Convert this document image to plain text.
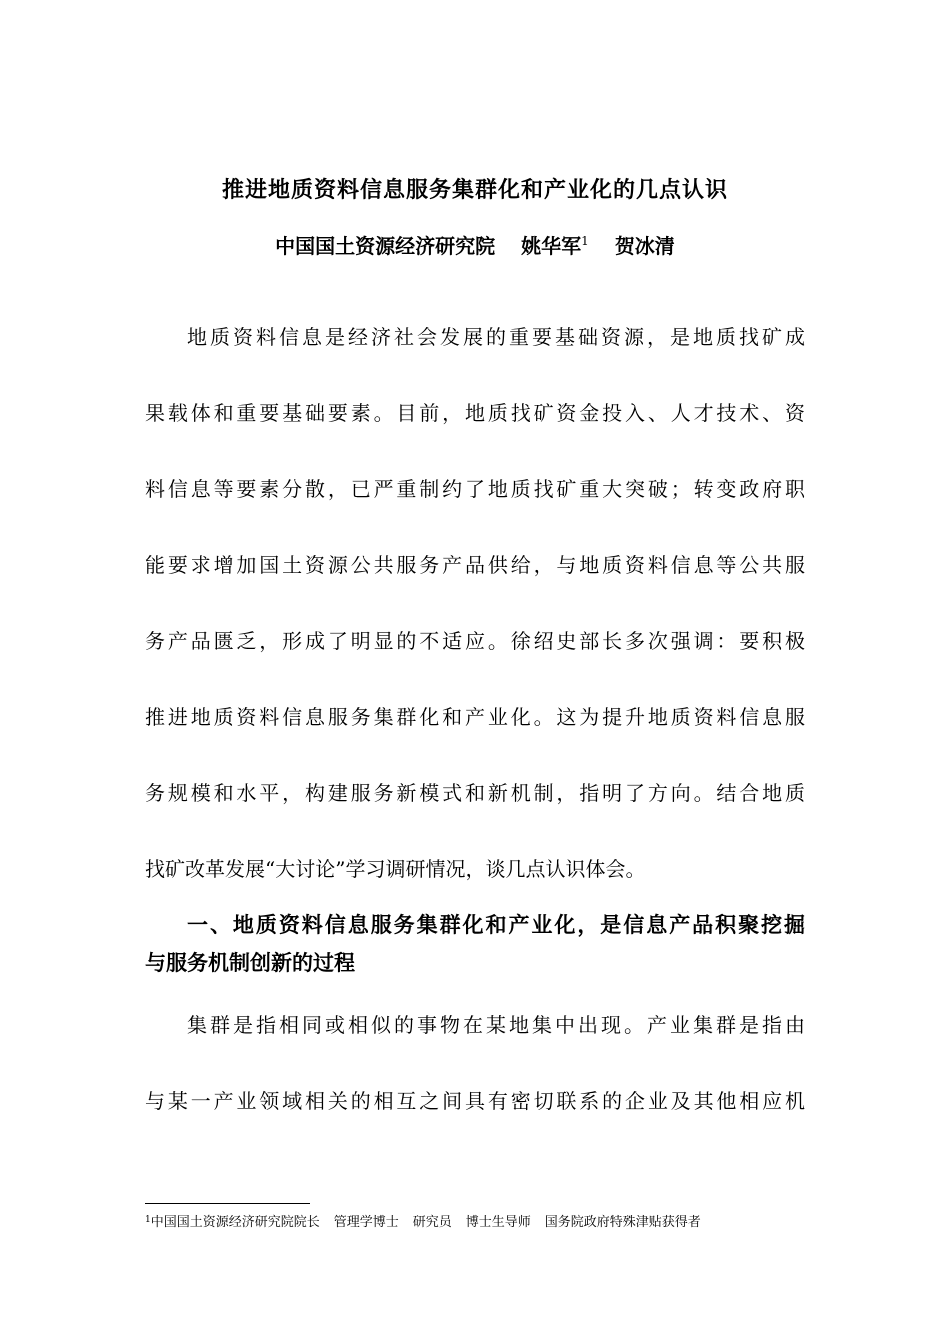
推进地质资料信息服务集群化和产业化的几点认识
中国国土资源经济研究院 姚华军$^1$ 贺冰清
地质资料信息是经济社会发展的重要基础资源，是地质找矿成
果载体和重要基础要素。目前，地质找矿资金投入、人才技术、资
料信息等要素分散，已严重制约了地质找矿重大突破；转变政府职
能要求增加国土资源公共服务产品供给，与地质资料信息等公共服
务产品匮乏，形成了明显的不适应。徐绍史部长多次强调：要积极
推进地质资料信息服务集群化和产业化。这为提升地质资料信息服
务规模和水平，构建服务新模式和新机制，指明了方向。结合地质
找矿改革发展“大讨论”学习调研情况，谈几点认识体会。
一、地质资料信息服务集群化和产业化，是信息产品积聚挖掘
与服务机制创新的过程
集群是指相同或相似的事物在某地集中出现。产业集群是指由
与某一产业领域相关的相互之间具有密切联系的企业及其他相应机
$^1$中国国土资源经济研究院院长 管理学博士 研究员 博士生导师 国务院政府特殊津贴获得者
